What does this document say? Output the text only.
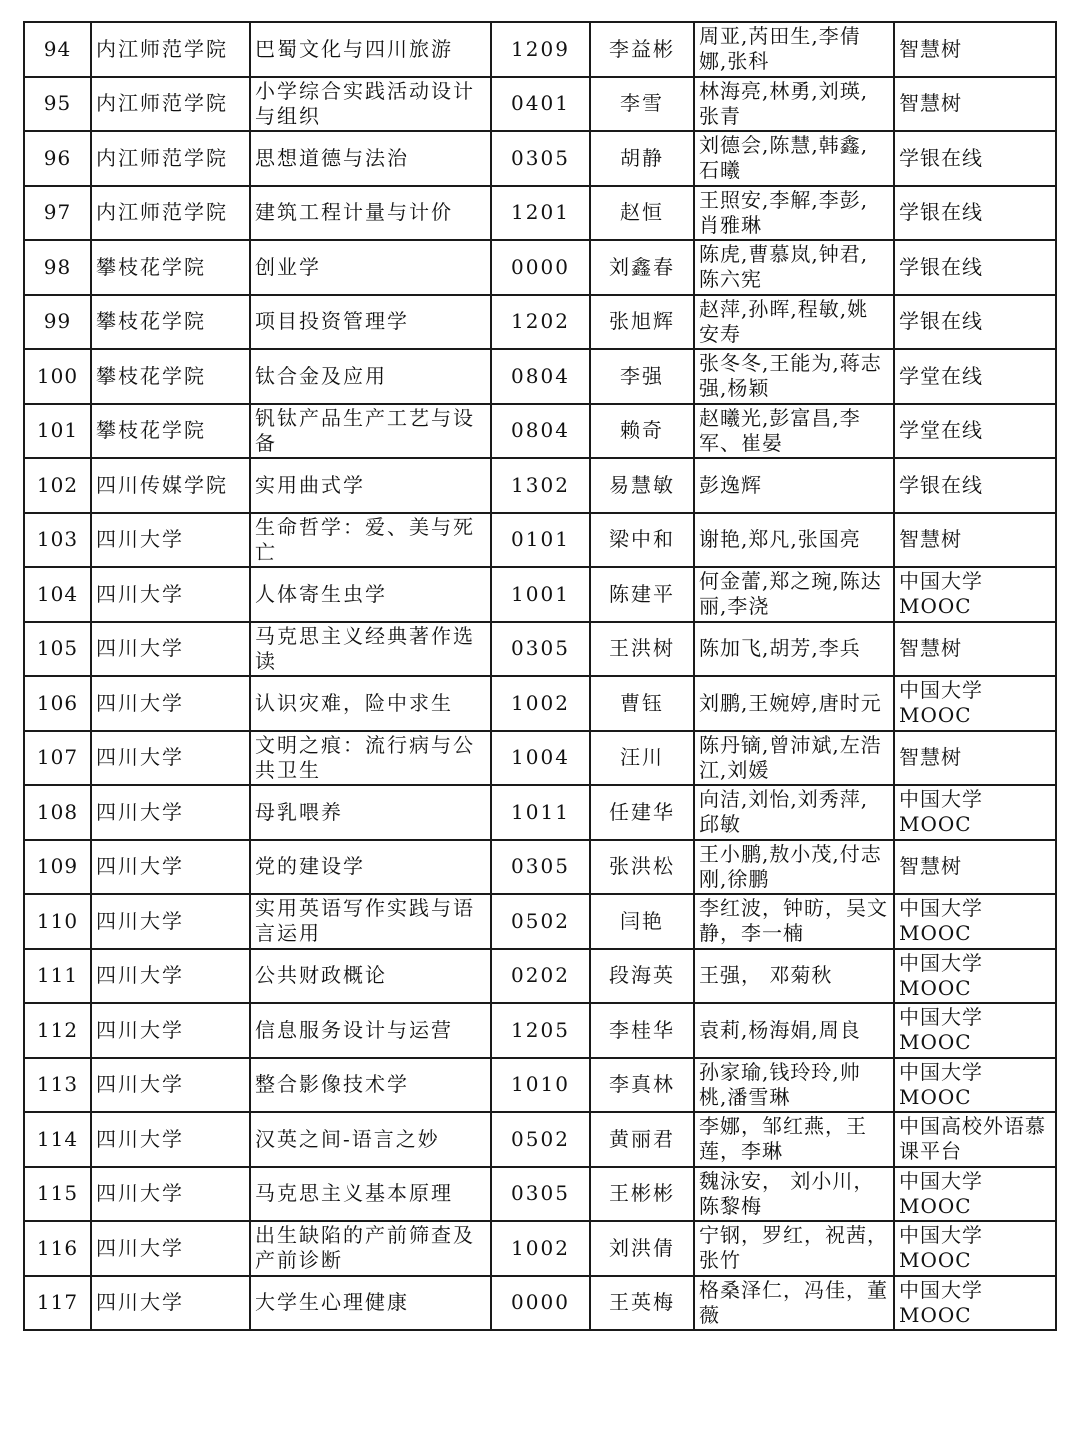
94	内江师范学院	巴蜀文化与四川旅游	1209	李益彬	周亚,芮田生,李倩娜,张科	智慧树
95	内江师范学院	小学综合实践活动设计与组织	0401	李雪	林海亮,林勇,刘瑛,张青	智慧树
96	内江师范学院	思想道德与法治	0305	胡静	刘德会,陈慧,韩鑫,石曦	学银在线
97	内江师范学院	建筑工程计量与计价	1201	赵恒	王照安,李解,李彭,肖雅琳	学银在线
98	攀枝花学院	创业学	0000	刘鑫春	陈虎,曹慕岚,钟君,陈六宪	学银在线
99	攀枝花学院	项目投资管理学	1202	张旭辉	赵萍,孙晖,程敏,姚安寿	学银在线
100	攀枝花学院	钛合金及应用	0804	李强	张冬冬,王能为,蒋志强,杨颖	学堂在线
101	攀枝花学院	钒钛产品生产工艺与设备	0804	赖奇	赵曦光,彭富昌,李军、崔晏	学堂在线
102	四川传媒学院	实用曲式学	1302	易慧敏	彭逸辉	学银在线
103	四川大学	生命哲学：爱、美与死亡	0101	梁中和	谢艳,郑凡,张国亮	智慧树
104	四川大学	人体寄生虫学	1001	陈建平	何金蕾,郑之琬,陈达丽,李浇	中国大学MOOC
105	四川大学	马克思主义经典著作选读	0305	王洪树	陈加飞,胡芳,李兵	智慧树
106	四川大学	认识灾难，险中求生	1002	曹钰	刘鹏,王婉婷,唐时元	中国大学MOOC
107	四川大学	文明之痕：流行病与公共卫生	1004	汪川	陈丹镝,曾沛斌,左浩江,刘媛	智慧树
108	四川大学	母乳喂养	1011	任建华	向洁,刘怡,刘秀萍,邱敏	中国大学MOOC
109	四川大学	党的建设学	0305	张洪松	王小鹏,敖小茂,付志刚,徐鹏	智慧树
110	四川大学	实用英语写作实践与语言运用	0502	闫艳	李红波，钟昉，吴文静，李一楠	中国大学MOOC
111	四川大学	公共财政概论	0202	段海英	王强， 邓菊秋	中国大学MOOC
112	四川大学	信息服务设计与运营	1205	李桂华	袁莉,杨海娟,周良	中国大学MOOC
113	四川大学	整合影像技术学	1010	李真林	孙家瑜,钱玲玲,帅桃,潘雪琳	中国大学MOOC
114	四川大学	汉英之间-语言之妙	0502	黄丽君	李娜，邹红燕，王莲，李琳	中国高校外语慕课平台
115	四川大学	马克思主义基本原理	0305	王彬彬	魏泳安， 刘小川，陈黎梅	中国大学MOOC
116	四川大学	出生缺陷的产前筛查及产前诊断	1002	刘洪倩	宁钢，罗红，祝茜，张竹	中国大学MOOC
117	四川大学	大学生心理健康	0000	王英梅	格桑泽仁，冯佳，董薇	中国大学MOOC
